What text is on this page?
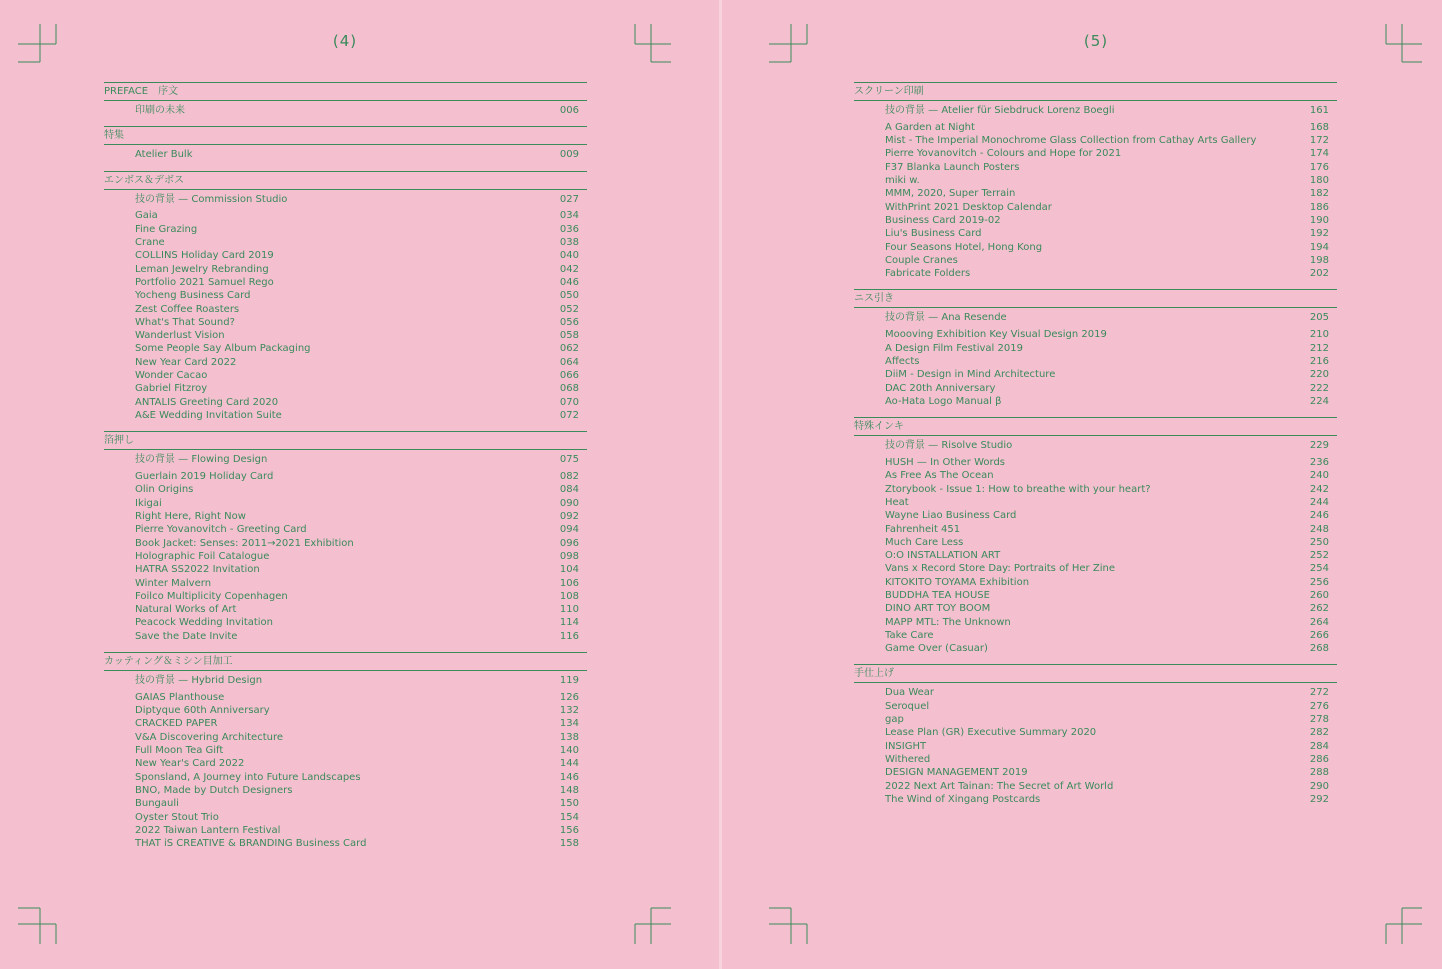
(4)
PREFACE　序文
印刷の未来	006
特集
Atelier Bulk	009
エンボス＆デボス
技の背景 — Commission Studio	027
Gaia	034
Fine Grazing	036
Crane	038
COLLINS Holiday Card 2019	040
Leman Jewelry Rebranding	042
Portfolio 2021 Samuel Rego	046
Yocheng Business Card	050
Zest Coffee Roasters	052
What's That Sound?	056
Wanderlust Vision	058
Some People Say Album Packaging	062
New Year Card 2022	064
Wonder Cacao	066
Gabriel Fitzroy	068
ANTALIS Greeting Card 2020	070
A&E Wedding Invitation Suite	072
箔押し
技の背景 — Flowing Design	075
Guerlain 2019 Holiday Card	082
Olin Origins	084
Ikigai	090
Right Here, Right Now	092
Pierre Yovanovitch - Greeting Card	094
Book Jacket: Senses: 2011→2021 Exhibition	096
Holographic Foil Catalogue	098
HATRA SS2022 Invitation	104
Winter Malvern	106
Foilco Multiplicity Copenhagen	108
Natural Works of Art	110
Peacock Wedding Invitation	114
Save the Date Invite	116
カッティング＆ミシン目加工
技の背景 — Hybrid Design	119
GAIAS Planthouse	126
Diptyque 60th Anniversary	132
CRACKED PAPER	134
V&A Discovering Architecture	138
Full Moon Tea Gift	140
New Year's Card 2022	144
Sponsland, A Journey into Future Landscapes	146
BNO, Made by Dutch Designers	148
Bungauli	150
Oyster Stout Trio	154
2022 Taiwan Lantern Festival	156
THAT iS CREATIVE & BRANDING Business Card	158
(5)
スクリーン印刷
技の背景 — Atelier für Siebdruck Lorenz Boegli	161
A Garden at Night	168
Mist - The Imperial Monochrome Glass Collection from Cathay Arts Gallery	172
Pierre Yovanovitch - Colours and Hope for 2021	174
F37 Blanka Launch Posters	176
miki w.	180
MMM, 2020, Super Terrain	182
WithPrint 2021 Desktop Calendar	186
Business Card 2019-02	190
Liu's Business Card	192
Four Seasons Hotel, Hong Kong	194
Couple Cranes	198
Fabricate Folders	202
ニス引き
技の背景 — Ana Resende	205
Moooving Exhibition Key Visual Design 2019	210
A Design Film Festival 2019	212
Affects	216
DiiM - Design in Mind Architecture	220
DAC 20th Anniversary	222
Ao-Hata Logo Manual β	224
特殊インキ
技の背景 — Risolve Studio	229
HUSH — In Other Words	236
As Free As The Ocean	240
Ztorybook - Issue 1: How to breathe with your heart?	242
Heat	244
Wayne Liao Business Card	246
Fahrenheit 451	248
Much Care Less	250
O:O INSTALLATION ART	252
Vans x Record Store Day: Portraits of Her Zine	254
KITOKITO TOYAMA Exhibition	256
BUDDHA TEA HOUSE	260
DINO ART TOY BOOM	262
MAPP MTL: The Unknown	264
Take Care	266
Game Over (Casuar)	268
手仕上げ
Dua Wear	272
Seroquel	276
gap	278
Lease Plan (GR) Executive Summary 2020	282
INSIGHT	284
Withered	286
DESIGN MANAGEMENT 2019	288
2022 Next Art Tainan: The Secret of Art World	290
The Wind of Xingang Postcards	292
